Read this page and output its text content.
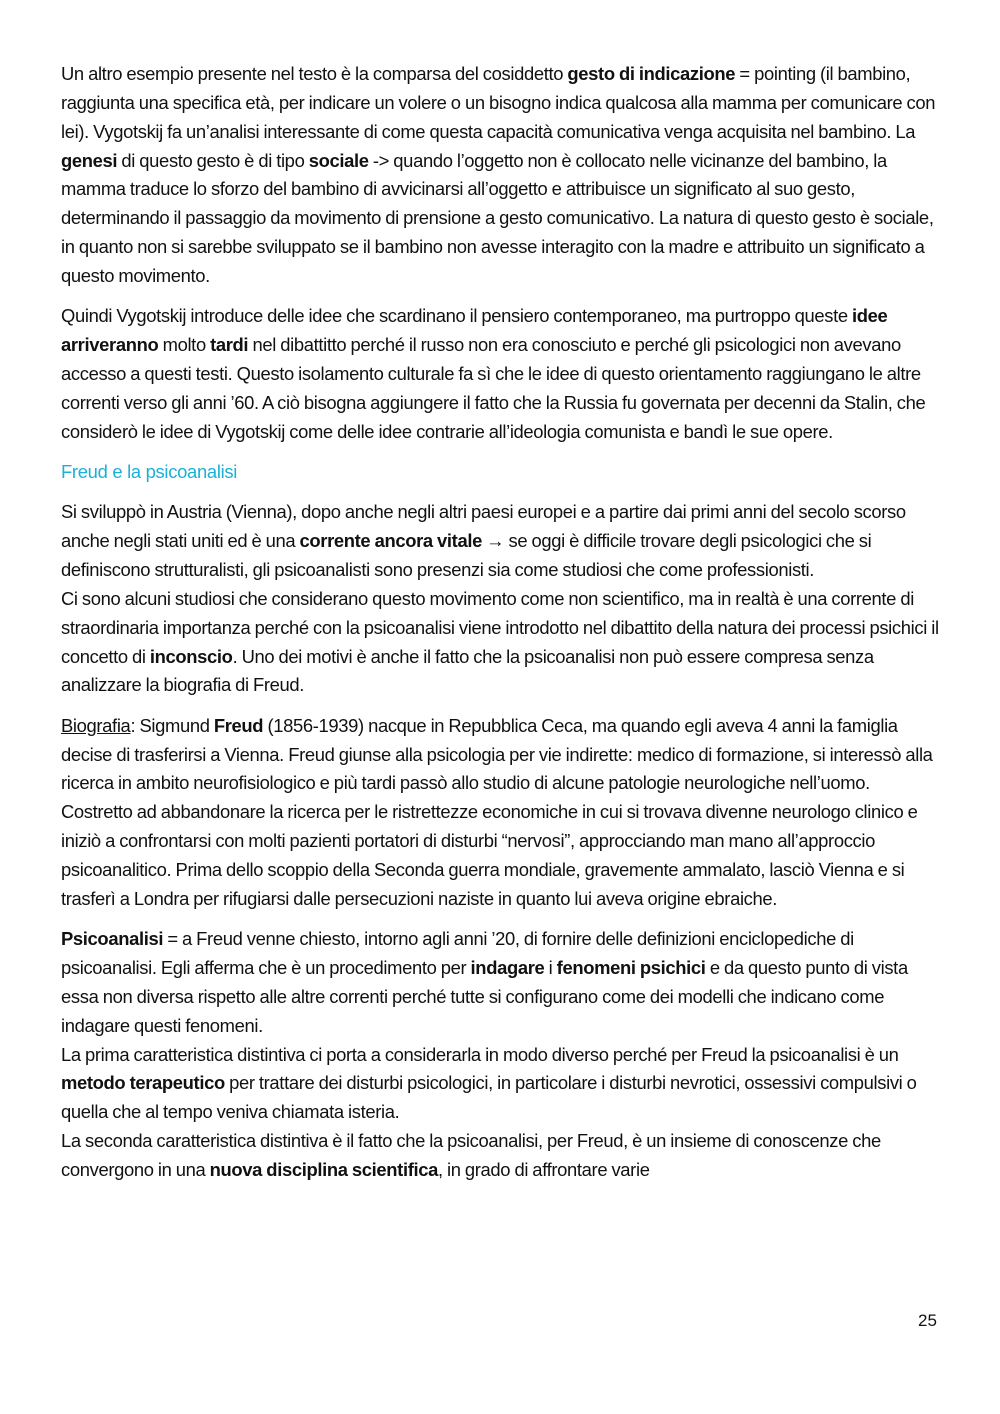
Un altro esempio presente nel testo è la comparsa del cosiddetto gesto di indicazione = pointing (il bambino, raggiunta una specifica età, per indicare un volere o un bisogno indica qualcosa alla mamma per comunicare con lei). Vygotskij fa un’analisi interessante di come questa capacità comunicativa venga acquisita nel bambino. La genesi di questo gesto è di tipo sociale -> quando l’oggetto non è collocato nelle vicinanze del bambino, la mamma traduce lo sforzo del bambino di avvicinarsi all’oggetto e attribuisce un significato al suo gesto, determinando il passaggio da movimento di prensione a gesto comunicativo. La natura di questo gesto è sociale, in quanto non si sarebbe sviluppato se il bambino non avesse interagito con la madre e attribuito un significato a questo movimento.

Quindi Vygotskij introduce delle idee che scardinano il pensiero contemporaneo, ma purtroppo queste idee arriveranno molto tardi nel dibattitto perché il russo non era conosciuto e perché gli psicologici non avevano accesso a questi testi. Questo isolamento culturale fa sì che le idee di questo orientamento raggiungano le altre correnti verso gli anni ’60. A ciò bisogna aggiungere il fatto che la Russia fu governata per decenni da Stalin, che considerò le idee di Vygotskij come delle idee contrarie all’ideologia comunista e bandì le sue opere.

Freud e la psicoanalisi

Si sviluppò in Austria (Vienna), dopo anche negli altri paesi europei e a partire dai primi anni del secolo scorso anche negli stati uniti ed è una corrente ancora vitale → se oggi è difficile trovare degli psicologici che si definiscono strutturalisti, gli psicoanalisti sono presenzi sia come studiosi che come professionisti.

Ci sono alcuni studiosi che considerano questo movimento come non scientifico, ma in realtà è una corrente di straordinaria importanza perché con la psicoanalisi viene introdotto nel dibattito della natura dei processi psichici il concetto di inconscio. Uno dei motivi è anche il fatto che la psicoanalisi non può essere compresa senza analizzare la biografia di Freud.

Biografia: Sigmund Freud (1856-1939) nacque in Repubblica Ceca, ma quando egli aveva 4 anni la famiglia decise di trasferirsi a Vienna. Freud giunse alla psicologia per vie indirette: medico di formazione, si interessò alla ricerca in ambito neurofisiologico e più tardi passò allo studio di alcune patologie neurologiche nell’uomo. Costretto ad abbandonare la ricerca per le ristrettezze economiche in cui si trovava divenne neurologo clinico e iniziò a confrontarsi con molti pazienti portatori di disturbi “nervosi”, approcciando man mano all’approccio psicoanalitico. Prima dello scoppio della Seconda guerra mondiale, gravemente ammalato, lasciò Vienna e si trasferì a Londra per rifugiarsi dalle persecuzioni naziste in quanto lui aveva origine ebraiche.

Psicoanalisi = a Freud venne chiesto, intorno agli anni ’20, di fornire delle definizioni enciclopediche di psicoanalisi. Egli afferma che è un procedimento per indagare i fenomeni psichici e da questo punto di vista essa non diversa rispetto alle altre correnti perché tutte si configurano come dei modelli che indicano come indagare questi fenomeni.

La prima caratteristica distintiva ci porta a considerarla in modo diverso perché per Freud la psicoanalisi è un metodo terapeutico per trattare dei disturbi psicologici, in particolare i disturbi nevrotici, ossessivi compulsivi o quella che al tempo veniva chiamata isteria.

La seconda caratteristica distintiva è il fatto che la psicoanalisi, per Freud, è un insieme di conoscenze che convergono in una nuova disciplina scientifica, in grado di affrontare varie

25
